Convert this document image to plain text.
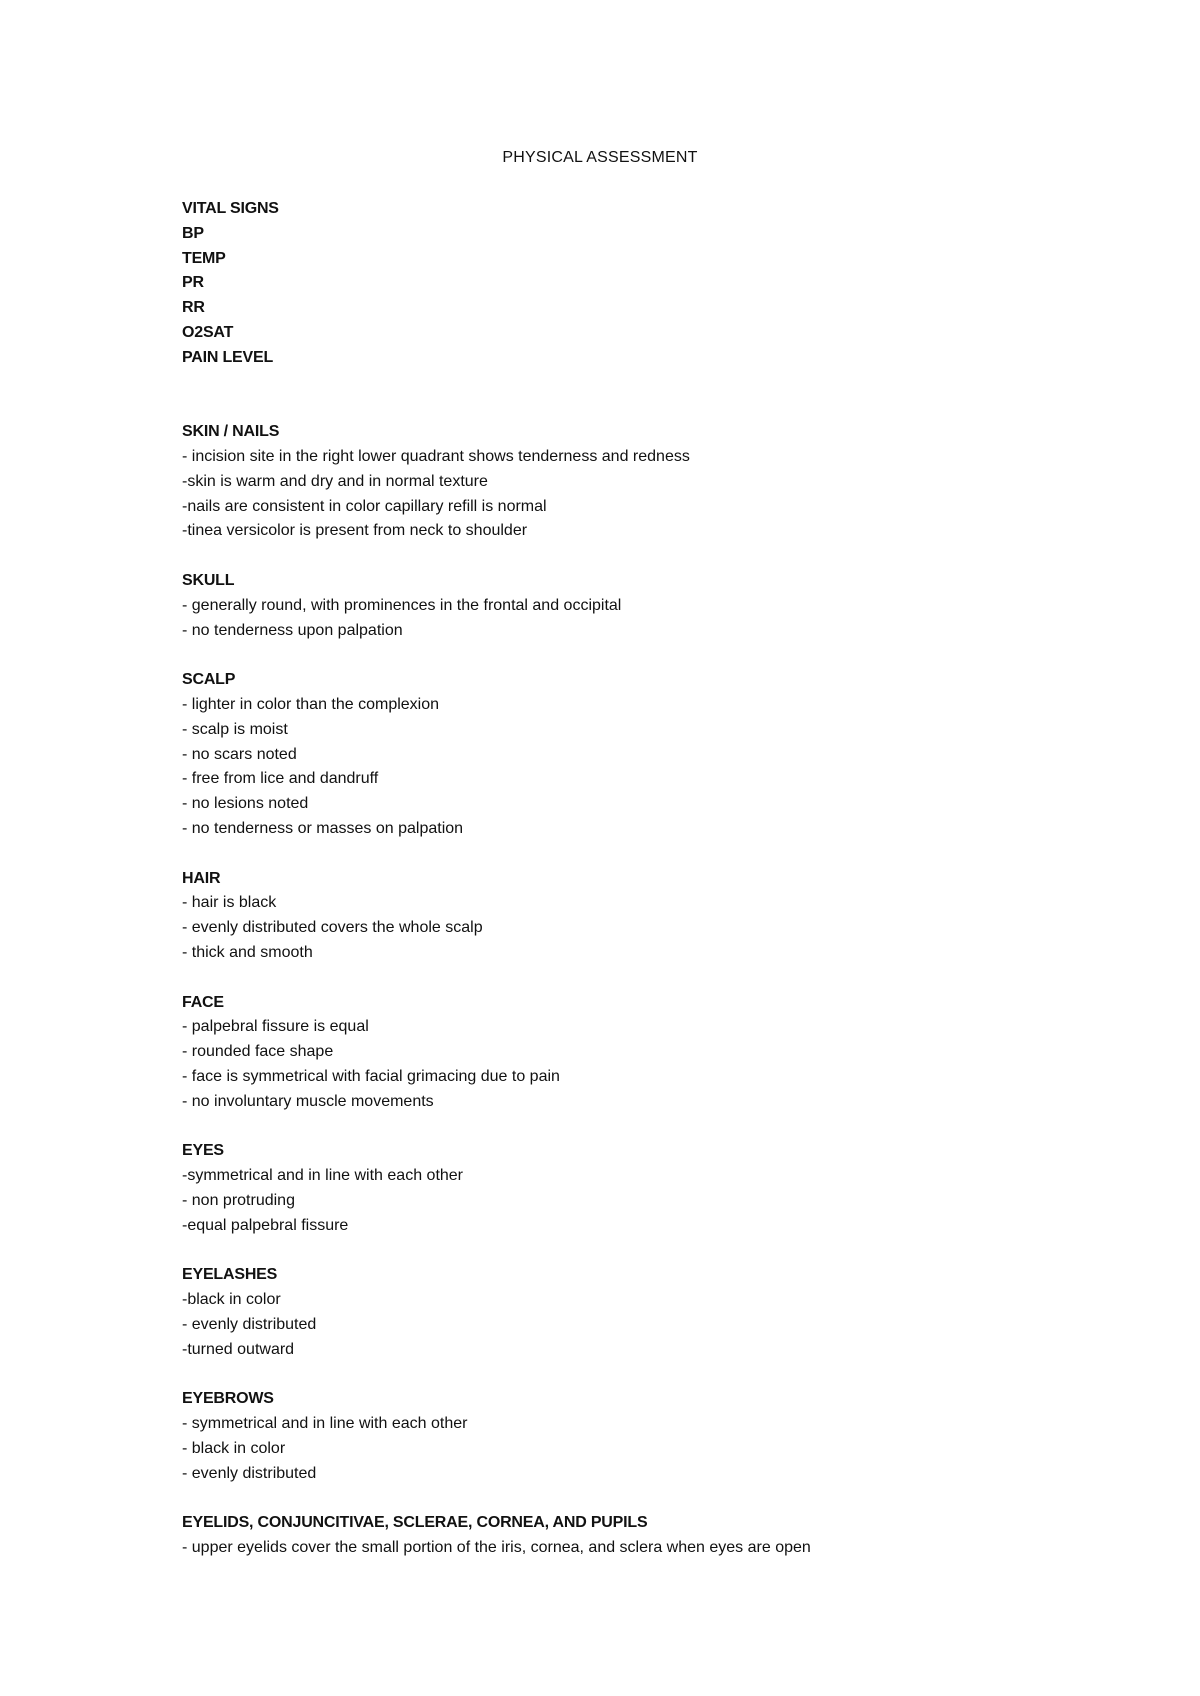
PHYSICAL ASSESSMENT
VITAL SIGNS
BP
TEMP
PR
RR
O2SAT
PAIN LEVEL
SKIN / NAILS
- incision site in the right lower quadrant shows tenderness and redness
-skin is warm and dry and in normal texture
-nails are consistent in color capillary refill is normal
-tinea versicolor is present from neck to shoulder
SKULL
- generally round, with prominences in the frontal and occipital
- no tenderness upon palpation
SCALP
- lighter in color than the complexion
- scalp is moist
- no scars noted
- free from lice and dandruff
- no lesions noted
- no tenderness or masses on palpation
HAIR
- hair is black
- evenly distributed covers the whole scalp
- thick and smooth
FACE
- palpebral fissure is equal
- rounded face shape
- face is symmetrical with facial grimacing due to pain
- no involuntary muscle movements
EYES
-symmetrical and in line with each other
- non protruding
-equal palpebral fissure
EYELASHES
-black in color
- evenly distributed
-turned outward
EYEBROWS
- symmetrical and in line with each other
- black in color
- evenly distributed
EYELIDS, CONJUNCITIVAE, SCLERAE, CORNEA, AND PUPILS
- upper eyelids cover the small portion of the iris, cornea, and sclera when eyes are open
